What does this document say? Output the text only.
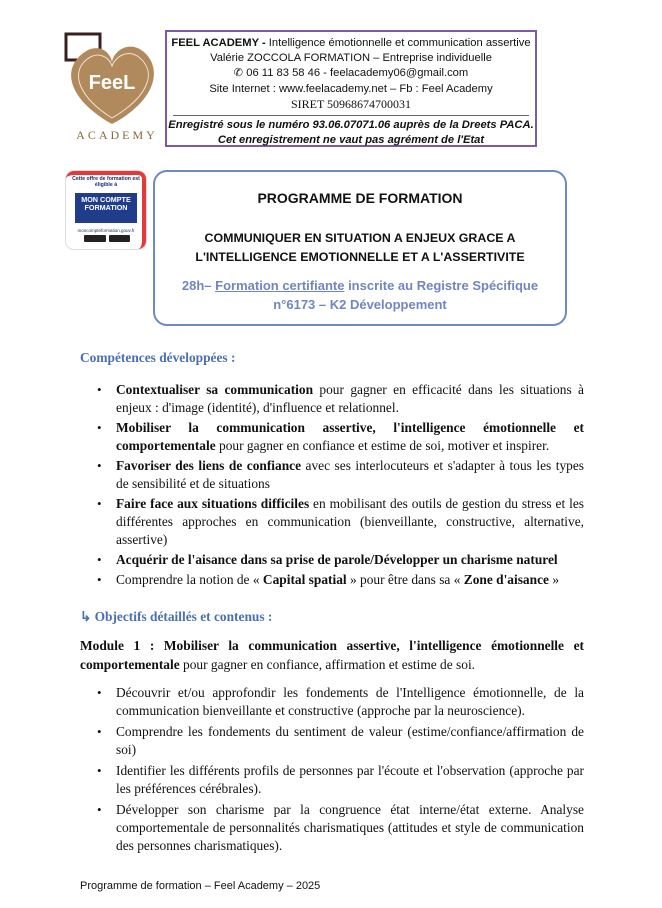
FeeL
ACADEMY
FEEL ACADEMY - Intelligence émotionnelle et communication assertive
Valérie ZOCCOLA FORMATION – Entreprise individuelle
✆ 06 11 83 58 46 - feelacademy06@gmail.com
Site Internet : www.feelacademy.net – Fb : Feel Academy
SIRET 50968674700031
Enregistré sous le numéro 93.06.07071.06 auprès de la Dreets PACA.
Cet enregistrement ne vaut pas agrément de l'Etat
Cette offre de formation est éligible à
MON COMPTE FORMATION
moncompteformation.gouv.fr
PROGRAMME DE FORMATION
COMMUNIQUER EN SITUATION A ENJEUX GRACE A
L'INTELLIGENCE EMOTIONNELLE ET A L'ASSERTIVITE
28h– Formation certifiante inscrite au Registre Spécifique
n°6173 – K2 Développement
Compétences développées :
• Contextualiser sa communication pour gagner en efficacité dans les situations à enjeux : d'image (identité), d'influence et relationnel.
• Mobiliser la communication assertive, l'intelligence émotionnelle et comportementale pour gagner en confiance et estime de soi, motiver et inspirer.
• Favoriser des liens de confiance avec ses interlocuteurs et s'adapter à tous les types de sensibilité et de situations
• Faire face aux situations difficiles en mobilisant des outils de gestion du stress et les différentes approches en communication (bienveillante, constructive, alternative, assertive)
• Acquérir de l'aisance dans sa prise de parole/Développer un charisme naturel
• Comprendre la notion de « Capital spatial » pour être dans sa « Zone d'aisance »
↳ Objectifs détaillés et contenus :
Module 1 : Mobiliser la communication assertive, l'intelligence émotionnelle et comportementale pour gagner en confiance, affirmation et estime de soi.
• Découvrir et/ou approfondir les fondements de l'Intelligence émotionnelle, de la communication bienveillante et constructive (approche par la neuroscience).
• Comprendre les fondements du sentiment de valeur (estime/confiance/affirmation de soi)
• Identifier les différents profils de personnes par l'écoute et l'observation (approche par les préférences cérébrales).
• Développer son charisme par la congruence état interne/état externe. Analyse comportementale de personnalités charismatiques (attitudes et style de communication des personnes charismatiques).
Programme de formation – Feel Academy – 2025
